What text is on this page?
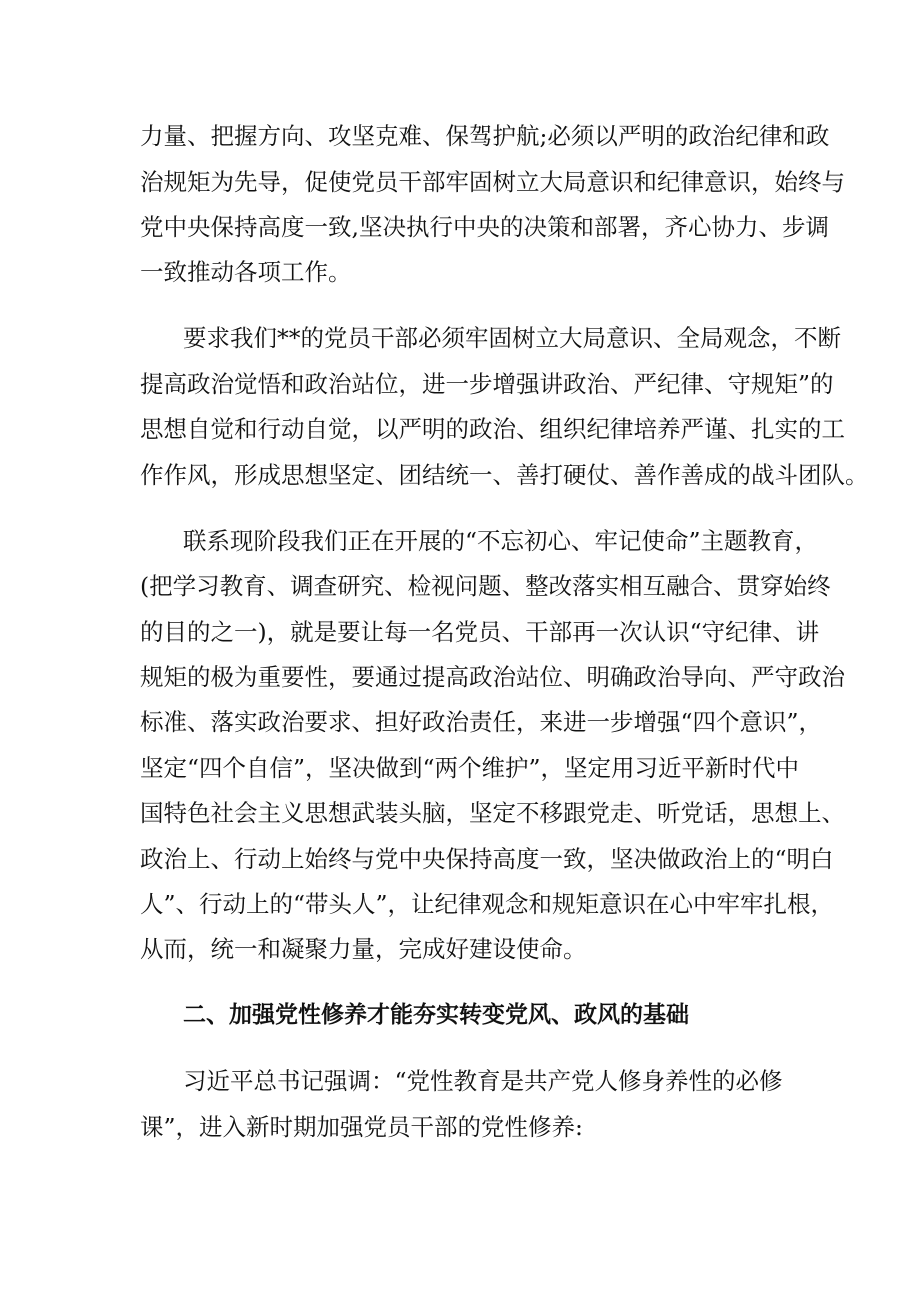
力量、把握方向、攻坚克难、保驾护航;必须以严明的政治纪律和政
治规矩为先导，促使党员干部牢固树立大局意识和纪律意识，始终与
党中央保持高度一致,坚决执行中央的决策和部署，齐心协力、步调
一致推动各项工作。
要求我们**的党员干部必须牢固树立大局意识、全局观念，不断
提高政治觉悟和政治站位，进一步增强讲政治、严纪律、守规矩”的
思想自觉和行动自觉，以严明的政治、组织纪律培养严谨、扎实的工
作作风，形成思想坚定、团结统一、善打硬仗、善作善成的战斗团队。
联系现阶段我们正在开展的“不忘初心、牢记使命”主题教育，
(把学习教育、调查研究、检视问题、整改落实相互融合、贯穿始终
的目的之一)，就是要让每一名党员、干部再一次认识“守纪律、讲
规矩的极为重要性，要通过提高政治站位、明确政治导向、严守政治
标准、落实政治要求、担好政治责任，来进一步增强“四个意识”，
坚定“四个自信”，坚决做到“两个维护”，坚定用习近平新时代中
国特色社会主义思想武装头脑，坚定不移跟党走、听党话，思想上、
政治上、行动上始终与党中央保持高度一致，坚决做政治上的“明白
人”、行动上的“带头人”，让纪律观念和规矩意识在心中牢牢扎根，
从而，统一和凝聚力量，完成好建设使命。
二、加强党性修养才能夯实转变党风、政风的基础
习近平总书记强调：“党性教育是共产党人修身养性的必修
课”，进入新时期加强党员干部的党性修养:
